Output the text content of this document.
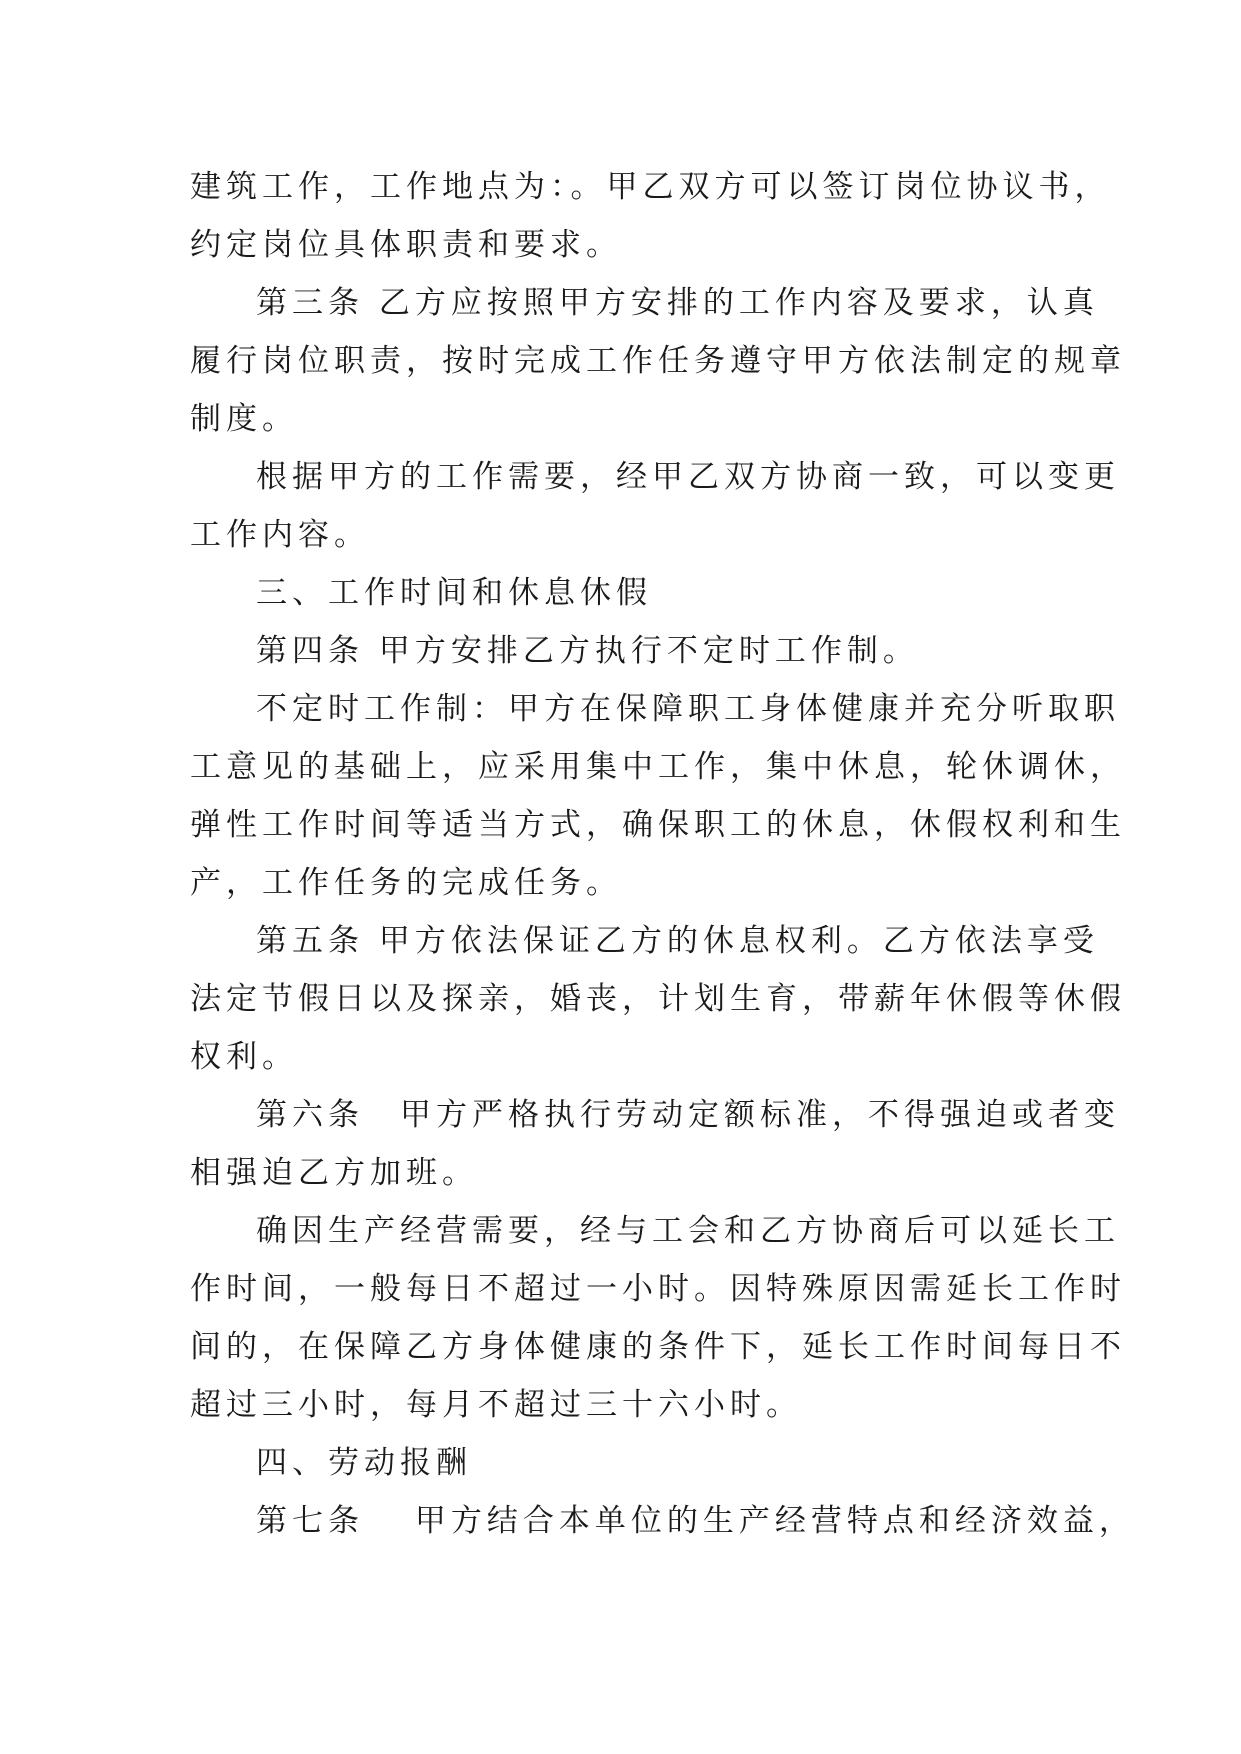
建筑工作，工作地点为：。甲乙双方可以签订岗位协议书，
约定岗位具体职责和要求。
第三条 乙方应按照甲方安排的工作内容及要求，认真
履行岗位职责，按时完成工作任务遵守甲方依法制定的规章
制度。
根据甲方的工作需要，经甲乙双方协商一致，可以变更
工作内容。
三、工作时间和休息休假
第四条 甲方安排乙方执行不定时工作制。
不定时工作制：甲方在保障职工身体健康并充分听取职
工意见的基础上，应采用集中工作，集中休息，轮休调休，
弹性工作时间等适当方式，确保职工的休息，休假权利和生
产，工作任务的完成任务。
第五条 甲方依法保证乙方的休息权利。乙方依法享受
法定节假日以及探亲，婚丧，计划生育，带薪年休假等休假
权利。
第六条　甲方严格执行劳动定额标准，不得强迫或者变
相强迫乙方加班。
确因生产经营需要，经与工会和乙方协商后可以延长工
作时间，一般每日不超过一小时。因特殊原因需延长工作时
间的，在保障乙方身体健康的条件下，延长工作时间每日不
超过三小时，每月不超过三十六小时。
四、劳动报酬
第七条　 甲方结合本单位的生产经营特点和经济效益，
